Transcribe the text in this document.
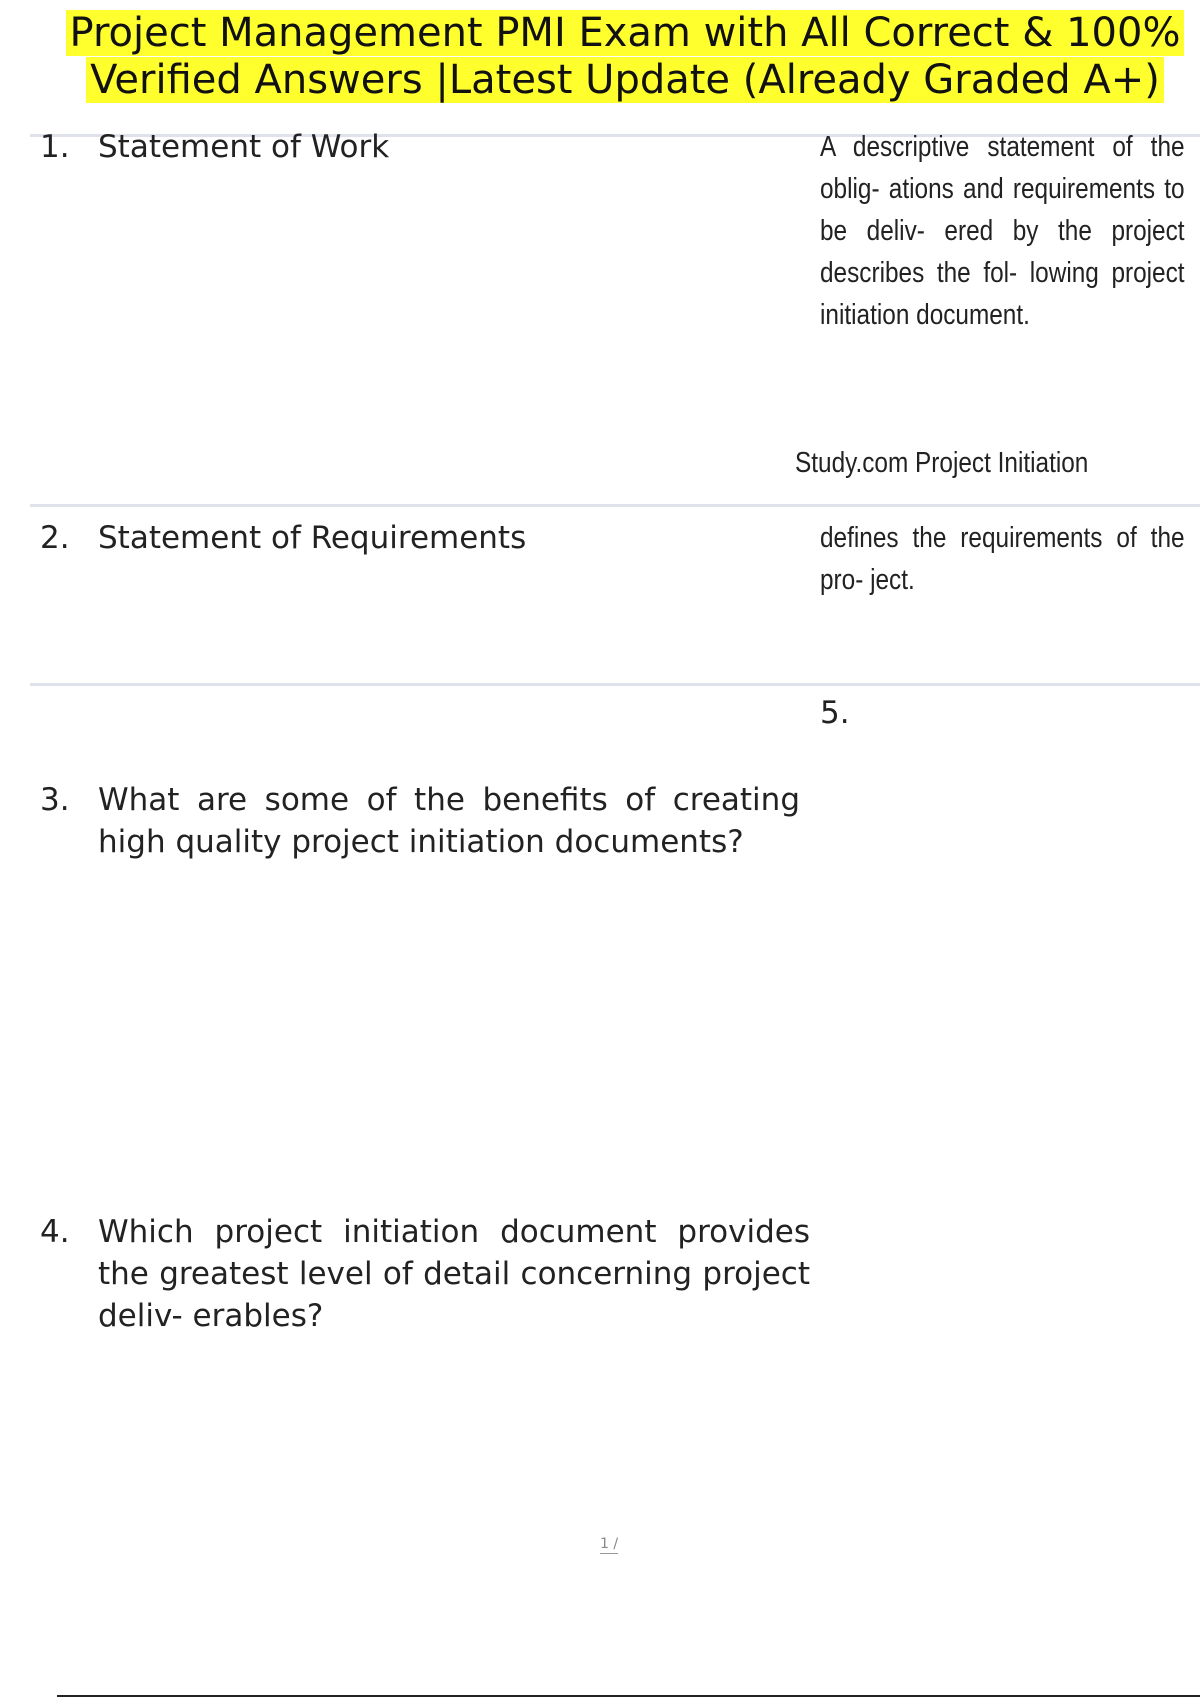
Project Management PMI Exam with All Correct & 100%
Verified Answers |Latest Update (Already Graded A+)
1. Statement of Work	A descriptive statement of the oblig- ations and requirements to be deliv- ered by the project describes the fol- lowing project initiation document.
Study.com Project Initiation
2. Statement of Requirements	defines the requirements of the pro- ject.
5.
3. What are some of the benefits of creating high quality project initiation documents?
4. Which project initiation document provides the greatest level of detail concerning project deliv- erables?
1 /
